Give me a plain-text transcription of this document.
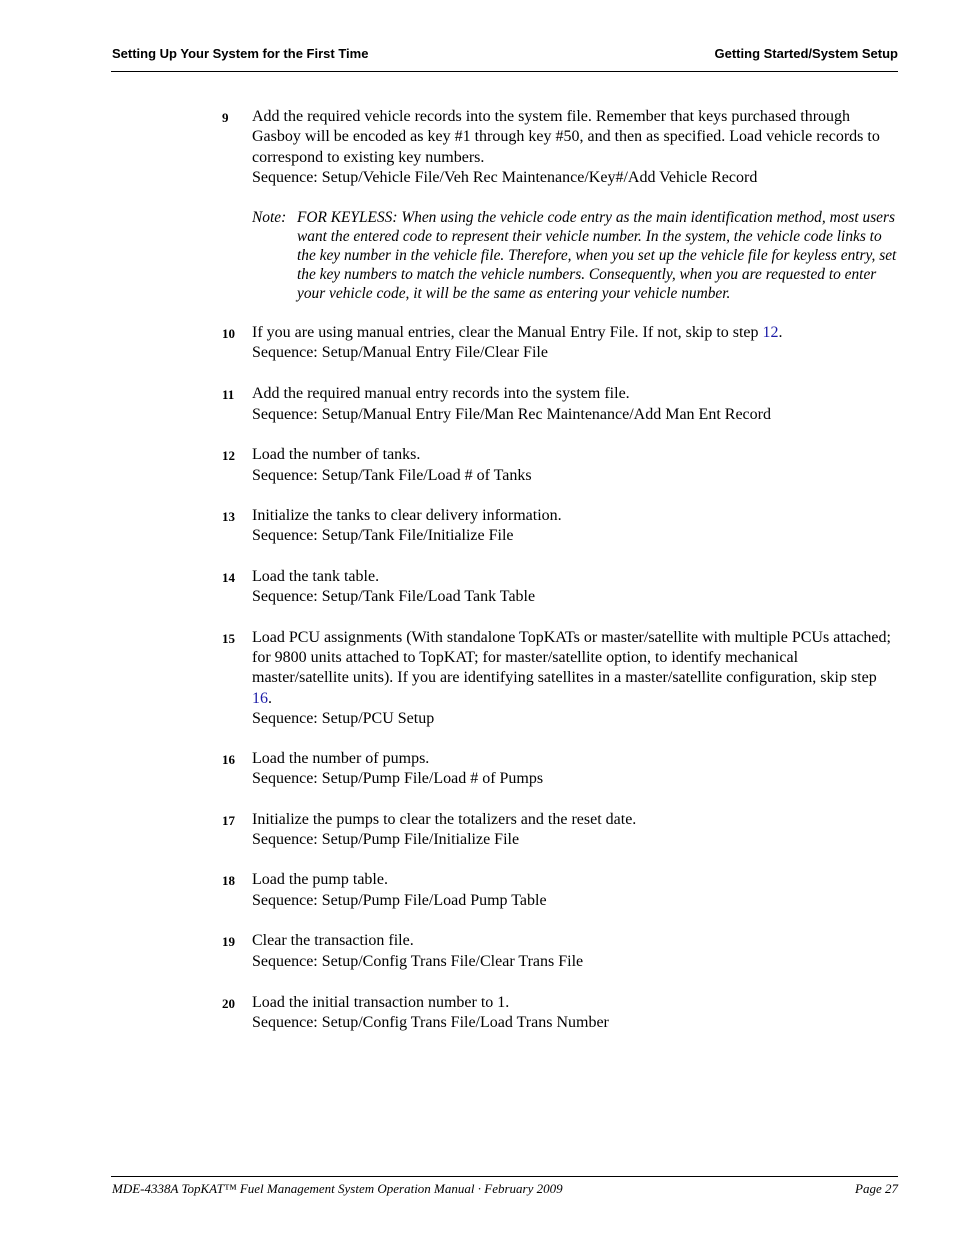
Setting Up Your System for the First Time	Getting Started/System Setup
9 Add the required vehicle records into the system file. Remember that keys purchased through Gasboy will be encoded as key #1 through key #50, and then as specified. Load vehicle records to correspond to existing key numbers.
Sequence: Setup/Vehicle File/Veh Rec Maintenance/Key#/Add Vehicle Record
Note: FOR KEYLESS: When using the vehicle code entry as the main identification method, most users want the entered code to represent their vehicle number. In the system, the vehicle code links to the key number in the vehicle file. Therefore, when you set up the vehicle file for keyless entry, set the key numbers to match the vehicle numbers. Consequently, when you are requested to enter your vehicle code, it will be the same as entering your vehicle number.
10 If you are using manual entries, clear the Manual Entry File. If not, skip to step 12.
Sequence: Setup/Manual Entry File/Clear File
11 Add the required manual entry records into the system file.
Sequence: Setup/Manual Entry File/Man Rec Maintenance/Add Man Ent Record
12 Load the number of tanks.
Sequence: Setup/Tank File/Load # of Tanks
13 Initialize the tanks to clear delivery information.
Sequence: Setup/Tank File/Initialize File
14 Load the tank table.
Sequence: Setup/Tank File/Load Tank Table
15 Load PCU assignments (With standalone TopKATs or master/satellite with multiple PCUs attached; for 9800 units attached to TopKAT; for master/satellite option, to identify mechanical master/satellite units). If you are identifying satellites in a master/satellite configuration, skip step 16.
Sequence: Setup/PCU Setup
16 Load the number of pumps.
Sequence: Setup/Pump File/Load # of Pumps
17 Initialize the pumps to clear the totalizers and the reset date.
Sequence: Setup/Pump File/Initialize File
18 Load the pump table.
Sequence: Setup/Pump File/Load Pump Table
19 Clear the transaction file.
Sequence: Setup/Config Trans File/Clear Trans File
20 Load the initial transaction number to 1.
Sequence: Setup/Config Trans File/Load Trans Number
MDE-4338A TopKAT™ Fuel Management System Operation Manual · February 2009	Page 27
